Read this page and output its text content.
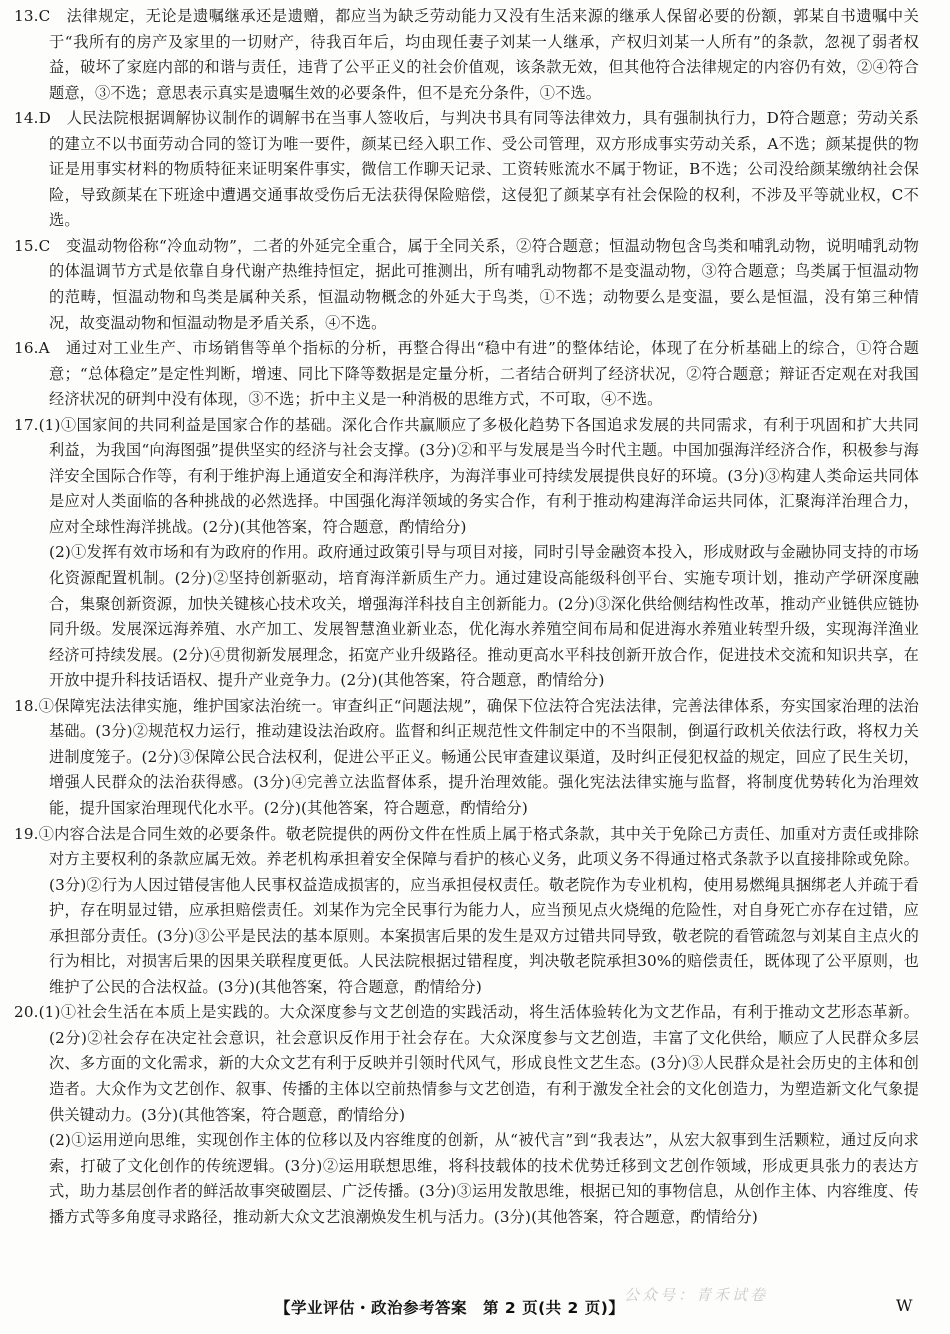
13.C　法律规定，无论是遗嘱继承还是遗赠，都应当为缺乏劳动能力又没有生活来源的继承人保留必要的份额，郭某自书遗嘱中关于“我所有的房产及家里的一切财产，待我百年后，均由现任妻子刘某一人继承，产权归刘某一人所有”的条款，忽视了弱者权益，破坏了家庭内部的和谐与责任，违背了公平正义的社会价值观，该条款无效，但其他符合法律规定的内容仍有效，②④符合题意，③不选；意思表示真实是遗嘱生效的必要条件，但不是充分条件，①不选。

14.D　人民法院根据调解协议制作的调解书在当事人签收后，与判决书具有同等法律效力，具有强制执行力，D符合题意；劳动关系的建立不以书面劳动合同的签订为唯一要件，颜某已经入职工作、受公司管理，双方形成事实劳动关系，A不选；颜某提供的物证是用事实材料的物质特征来证明案件事实，微信工作聊天记录、工资转账流水不属于物证，B不选；公司没给颜某缴纳社会保险，导致颜某在下班途中遭遇交通事故受伤后无法获得保险赔偿，这侵犯了颜某享有社会保险的权利，不涉及平等就业权，C不选。

15.C　变温动物俗称“冷血动物”，二者的外延完全重合，属于全同关系，②符合题意；恒温动物包含鸟类和哺乳动物，说明哺乳动物的体温调节方式是依靠自身代谢产热维持恒定，据此可推测出，所有哺乳动物都不是变温动物，③符合题意；鸟类属于恒温动物的范畴，恒温动物和鸟类是属种关系，恒温动物概念的外延大于鸟类，①不选；动物要么是变温，要么是恒温，没有第三种情况，故变温动物和恒温动物是矛盾关系，④不选。

16.A　通过对工业生产、市场销售等单个指标的分析，再整合得出“稳中有进”的整体结论，体现了在分析基础上的综合，①符合题意；“总体稳定”是定性判断，增速、同比下降等数据是定量分析，二者结合研判了经济状况，②符合题意；辩证否定观在对我国经济状况的研判中没有体现，③不选；折中主义是一种消极的思维方式，不可取，④不选。

17.(1)①国家间的共同利益是国家合作的基础。深化合作共赢顺应了多极化趋势下各国追求发展的共同需求，有利于巩固和扩大共同利益，为我国“向海图强”提供坚实的经济与社会支撑。(3分)②和平与发展是当今时代主题。中国加强海洋经济合作，积极参与海洋安全国际合作等，有利于维护海上通道安全和海洋秩序，为海洋事业可持续发展提供良好的环境。(3分)③构建人类命运共同体是应对人类面临的各种挑战的必然选择。中国强化海洋领域的务实合作，有利于推动构建海洋命运共同体，汇聚海洋治理合力，应对全球性海洋挑战。(2分)(其他答案，符合题意，酌情给分)

(2)①发挥有效市场和有为政府的作用。政府通过政策引导与项目对接，同时引导金融资本投入，形成财政与金融协同支持的市场化资源配置机制。(2分)②坚持创新驱动，培育海洋新质生产力。通过建设高能级科创平台、实施专项计划，推动产学研深度融合，集聚创新资源，加快关键核心技术攻关，增强海洋科技自主创新能力。(2分)③深化供给侧结构性改革，推动产业链供应链协同升级。发展深远海养殖、水产加工、发展智慧渔业新业态，优化海水养殖空间布局和促进海水养殖业转型升级，实现海洋渔业经济可持续发展。(2分)④贯彻新发展理念，拓宽产业升级路径。推动更高水平科技创新开放合作，促进技术交流和知识共享，在开放中提升科技话语权、提升产业竞争力。(2分)(其他答案，符合题意，酌情给分)

18.①保障宪法法律实施，维护国家法治统一。审查纠正“问题法规”，确保下位法符合宪法法律，完善法律体系，夯实国家治理的法治基础。(3分)②规范权力运行，推动建设法治政府。监督和纠正规范性文件制定中的不当限制，倒逼行政机关依法行政，将权力关进制度笼子。(2分)③保障公民合法权利，促进公平正义。畅通公民审查建议渠道，及时纠正侵犯权益的规定，回应了民生关切，增强人民群众的法治获得感。(3分)④完善立法监督体系，提升治理效能。强化宪法法律实施与监督，将制度优势转化为治理效能，提升国家治理现代化水平。(2分)(其他答案，符合题意，酌情给分)

19.①内容合法是合同生效的必要条件。敬老院提供的两份文件在性质上属于格式条款，其中关于免除己方责任、加重对方责任或排除对方主要权利的条款应属无效。养老机构承担着安全保障与看护的核心义务，此项义务不得通过格式条款予以直接排除或免除。(3分)②行为人因过错侵害他人民事权益造成损害的，应当承担侵权责任。敬老院作为专业机构，使用易燃绳具捆绑老人并疏于看护，存在明显过错，应承担赔偿责任。刘某作为完全民事行为能力人，应当预见点火烧绳的危险性，对自身死亡亦存在过错，应承担部分责任。(3分)③公平是民法的基本原则。本案损害后果的发生是双方过错共同导致，敬老院的看管疏忽与刘某自主点火的行为相比，对损害后果的因果关联程度更低。人民法院根据过错程度，判决敬老院承担30%的赔偿责任，既体现了公平原则，也维护了公民的合法权益。(3分)(其他答案，符合题意，酌情给分)

20.(1)①社会生活在本质上是实践的。大众深度参与文艺创造的实践活动，将生活体验转化为文艺作品，有利于推动文艺形态革新。(2分)②社会存在决定社会意识，社会意识反作用于社会存在。大众深度参与文艺创造，丰富了文化供给，顺应了人民群众多层次、多方面的文化需求，新的大众文艺有利于反映并引领时代风气，形成良性文艺生态。(3分)③人民群众是社会历史的主体和创造者。大众作为文艺创作、叙事、传播的主体以空前热情参与文艺创造，有利于激发全社会的文化创造力，为塑造新文化气象提供关键动力。(3分)(其他答案，符合题意，酌情给分)

(2)①运用逆向思维，实现创作主体的位移以及内容维度的创新，从“被代言”到“我表达”，从宏大叙事到生活颗粒，通过反向求索，打破了文化创作的传统逻辑。(3分)②运用联想思维，将科技载体的技术优势迁移到文艺创作领域，形成更具张力的表达方式，助力基层创作者的鲜活故事突破圈层、广泛传播。(3分)③运用发散思维，根据已知的事物信息，从创作主体、内容维度、传播方式等多角度寻求路径，推动新大众文艺浪潮焕发生机与活力。(3分)(其他答案，符合题意，酌情给分)

公众号：青禾试卷
【学业评估・政治参考答案　第 2 页(共 2 页)】	W
